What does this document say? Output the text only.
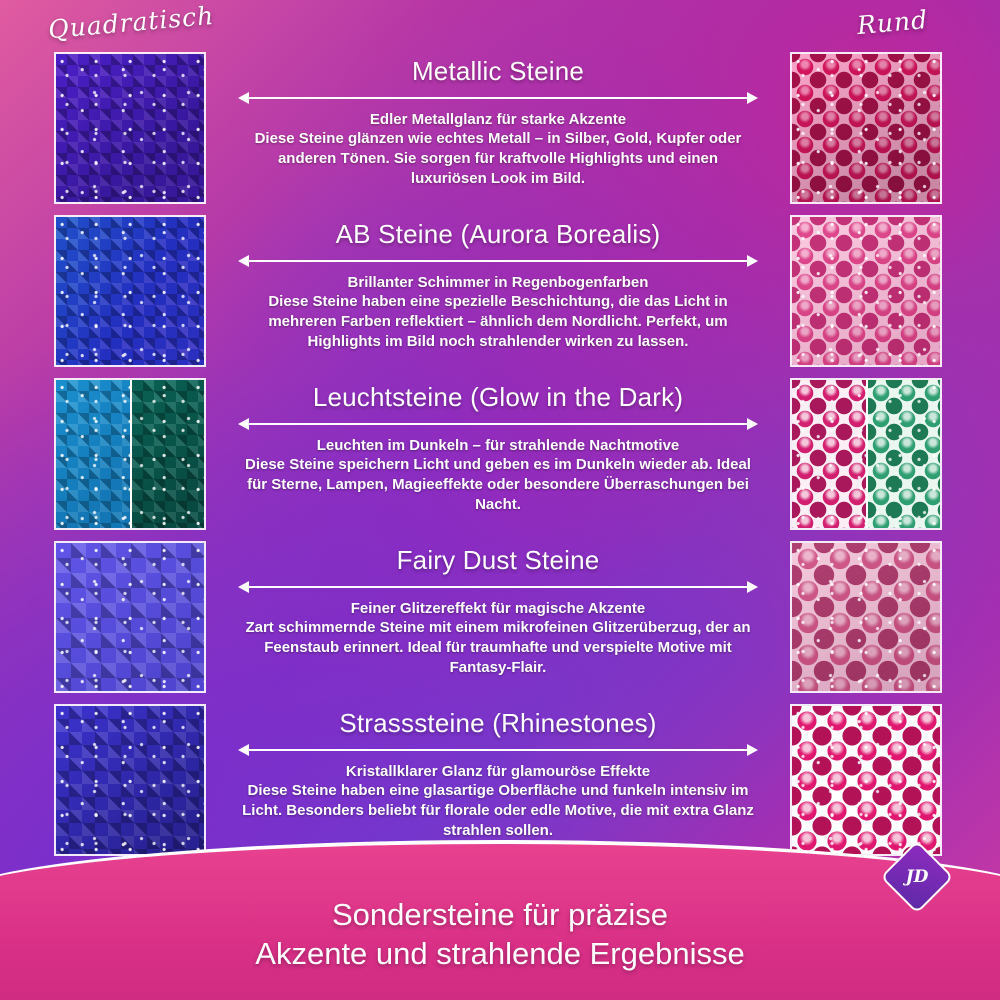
Quadratisch	Rund
Metallic Steine
Edler Metallglanz für starke Akzente
Diese Steine glänzen wie echtes Metall – in Silber, Gold, Kupfer oder anderen Tönen. Sie sorgen für kraftvolle Highlights und einen luxuriösen Look im Bild.
AB Steine (Aurora Borealis)
Brillanter Schimmer in Regenbogenfarben
Diese Steine haben eine spezielle Beschichtung, die das Licht in mehreren Farben reflektiert – ähnlich dem Nordlicht. Perfekt, um Highlights im Bild noch strahlender wirken zu lassen.
Leuchtsteine (Glow in the Dark)
Leuchten im Dunkeln – für strahlende Nachtmotive
Diese Steine speichern Licht und geben es im Dunkeln wieder ab. Ideal für Sterne, Lampen, Magieeffekte oder besondere Überraschungen bei Nacht.
Fairy Dust Steine
Feiner Glitzereffekt für magische Akzente
Zart schimmernde Steine mit einem mikrofeinen Glitzerüberzug, der an Feenstaub erinnert. Ideal für traumhafte und verspielte Motive mit Fantasy-Flair.
Strasssteine (Rhinestones)
Kristallklarer Glanz für glamouröse Effekte
Diese Steine haben eine glasartige Oberfläche und funkeln intensiv im Licht. Besonders beliebt für florale oder edle Motive, die mit extra Glanz strahlen sollen.
Sondersteine für präzise
Akzente und strahlende Ergebnisse
JD
